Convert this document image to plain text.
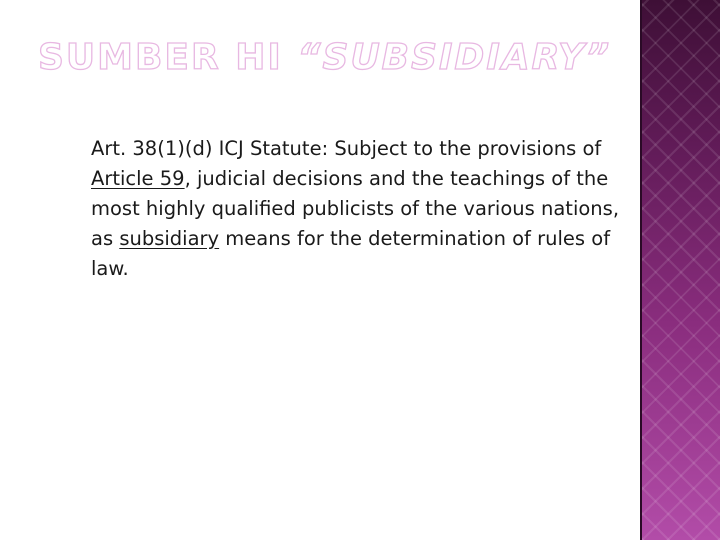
SUMBER HI “SUBSIDIARY”

Art. 38(1)(d) ICJ Statute: Subject to the provisions of Article 59, judicial decisions and the teachings of the most highly qualified publicists of the various nations, as subsidiary means for the determination of rules of law.
